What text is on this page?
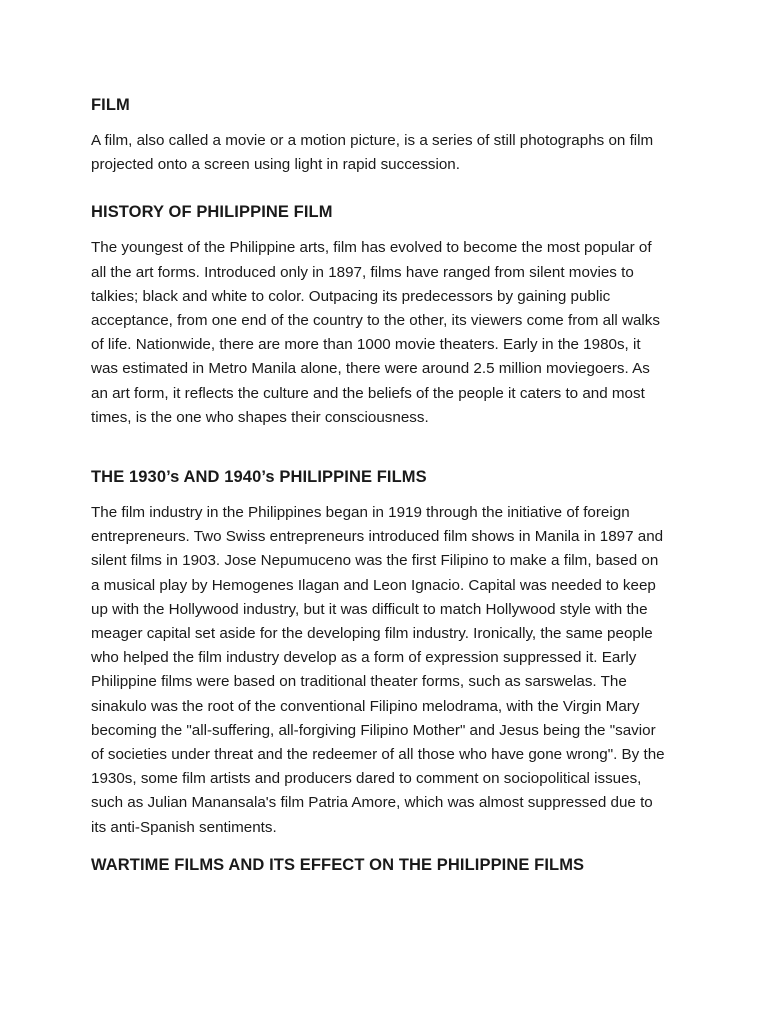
FILM

A film, also called a movie or a motion picture, is a series of still photographs on film projected onto a screen using light in rapid succession.

HISTORY OF PHILIPPINE FILM

The youngest of the Philippine arts, film has evolved to become the most popular of all the art forms. Introduced only in 1897, films have ranged from silent movies to talkies; black and white to color. Outpacing its predecessors by gaining public acceptance, from one end of the country to the other, its viewers come from all walks of life. Nationwide, there are more than 1000 movie theaters. Early in the 1980s, it was estimated in Metro Manila alone, there were around 2.5 million moviegoers. As an art form, it reflects the culture and the beliefs of the people it caters to and most times, is the one who shapes their consciousness.

THE 1930’s AND 1940’s PHILIPPINE FILMS

The film industry in the Philippines began in 1919 through the initiative of foreign entrepreneurs. Two Swiss entrepreneurs introduced film shows in Manila in 1897 and silent films in 1903. Jose Nepumuceno was the first Filipino to make a film, based on a musical play by Hemogenes Ilagan and Leon Ignacio. Capital was needed to keep up with the Hollywood industry, but it was difficult to match Hollywood style with the meager capital set aside for the developing film industry. Ironically, the same people who helped the film industry develop as a form of expression suppressed it. Early Philippine films were based on traditional theater forms, such as sarswelas. The sinakulo was the root of the conventional Filipino melodrama, with the Virgin Mary becoming the "all-suffering, all-forgiving Filipino Mother" and Jesus being the "savior of societies under threat and the redeemer of all those who have gone wrong". By the 1930s, some film artists and producers dared to comment on sociopolitical issues, such as Julian Manansala's film Patria Amore, which was almost suppressed due to its anti-Spanish sentiments.

WARTIME FILMS AND ITS EFFECT ON THE PHILIPPINE FILMS
